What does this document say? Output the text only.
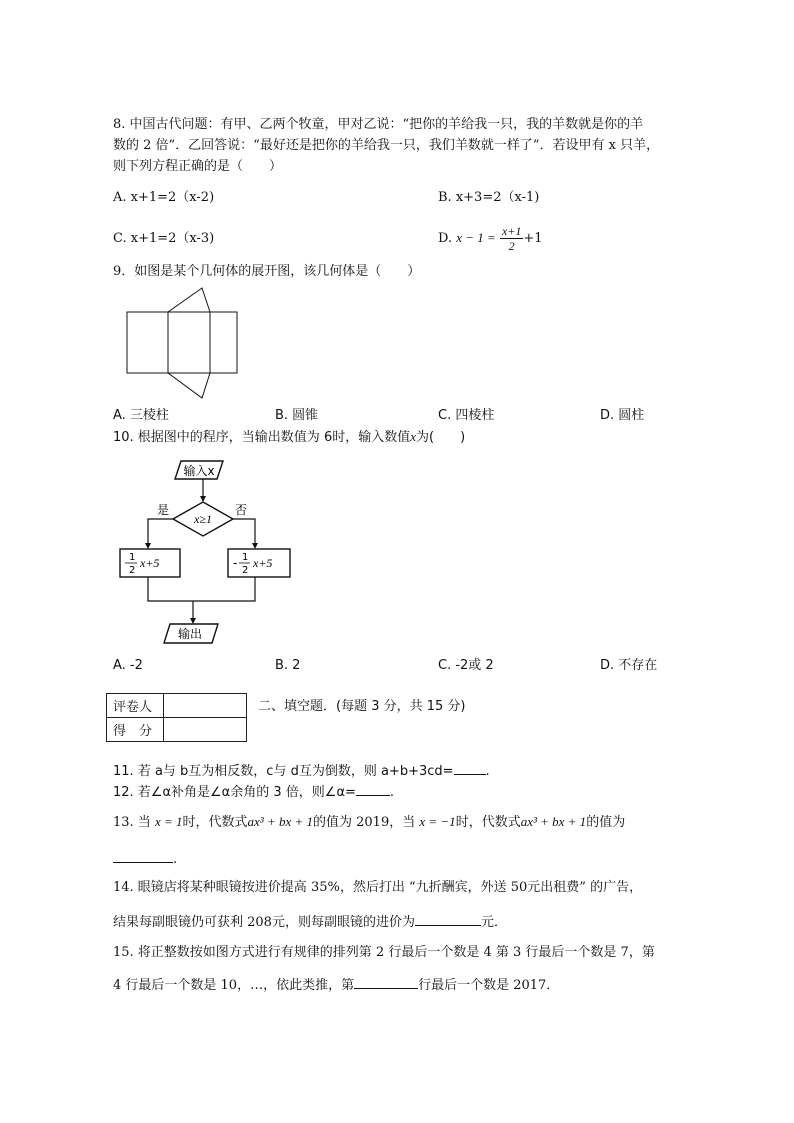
8. 中国古代问题：有甲、乙两个牧童，甲对乙说：“把你的羊给我一只，我的羊数就是你的羊
数的 2 倍”．乙回答说：“最好还是把你的羊给我一只，我们羊数就一样了”．若设甲有 x 只羊，
则下列方程正确的是（　　）
A. x+1=2（x-2)	B. x+3=2（x-1)
C. x+1=2（x-3)	D. $x - 1 = \frac{x+1}{2} +1$
9．如图是某个几何体的展开图，该几何体是（　　）
A. 三棱柱	B. 圆锥	C. 四棱柱	D. 圆柱
10. 根据图中的程序，当输出数值为 6时，输入数值x为(　　)
输入x
x≥1
是	否
1
2
x+5	- 1
2
x+5
输出
A. -2	B. 2	C. -2或 2	D. 不存在
评卷人	
得　分	
二、填空题．(每题 3 分，共 15 分)
11. 若 a与 b互为相反数，c与 d互为倒数，则 a+b+3cd= .
12. 若∠α补角是∠α余角的 3 倍，则∠α=	.
13. 当 x = 1时，代数式ax³ + bx + 1的值为 2019，当 x = −1时，代数式ax³ + bx + 1的值为
.
14. 眼镜店将某种眼镜按进价提高 35%，然后打出 “九折酬宾，外送 50元出租费” 的广告，
结果每副眼镜仍可获利 208元，则每副眼镜的进价为	元．
15. 将正整数按如图方式进行有规律的排列第 2 行最后一个数是 4 第 3 行最后一个数是 7，第
4 行最后一个数是 10，…，依此类推，第	行最后一个数是 2017．
